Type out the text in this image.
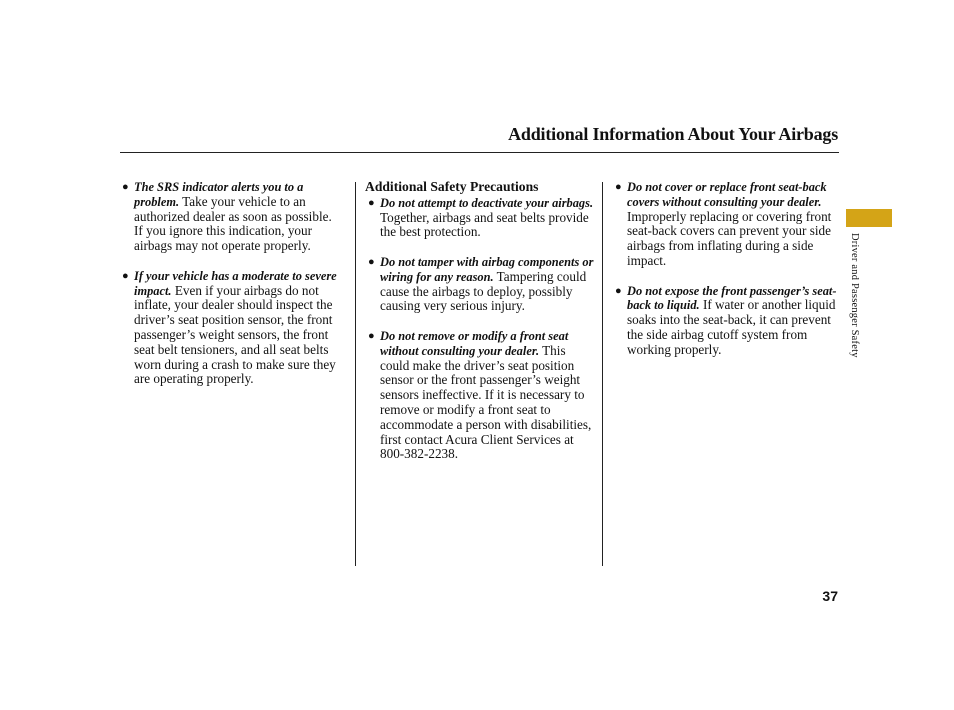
Additional Information About Your Airbags
● The SRS indicator alerts you to a problem. Take your vehicle to an authorized dealer as soon as possible. If you ignore this indication, your airbags may not operate properly.
● If your vehicle has a moderate to severe impact. Even if your airbags do not inflate, your dealer should inspect the driver’s seat position sensor, the front passenger’s weight sensors, the front seat belt tensioners, and all seat belts worn during a crash to make sure they are operating properly.
Additional Safety Precautions
● Do not attempt to deactivate your airbags. Together, airbags and seat belts provide the best protection.
● Do not tamper with airbag components or wiring for any reason. Tampering could cause the airbags to deploy, possibly causing very serious injury.
● Do not remove or modify a front seat without consulting your dealer. This could make the driver’s seat position sensor or the front passenger’s weight sensors ineffective. If it is necessary to remove or modify a front seat to accommodate a person with disabilities, first contact Acura Client Services at 800-382-2238.
● Do not cover or replace front seat-back covers without consulting your dealer. Improperly replacing or covering front seat-back covers can prevent your side airbags from inflating during a side impact.
● Do not expose the front passenger’s seat-back to liquid. If water or another liquid soaks into the seat-back, it can prevent the side airbag cutoff system from working properly.	Driver and Passenger Safety
37
